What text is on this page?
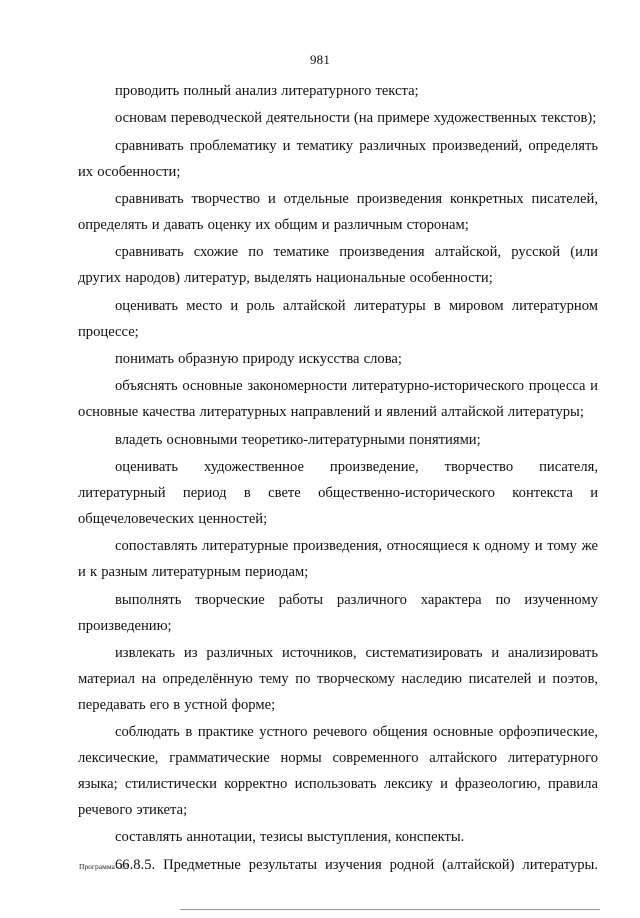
981

проводить полный анализ литературного текста;

основам переводческой деятельности (на примере художественных текстов);

сравнивать проблематику и тематику различных произведений, определять их особенности;

сравнивать творчество и отдельные произведения конкретных писателей, определять и давать оценку их общим и различным сторонам;

сравнивать схожие по тематике произведения алтайской, русской (или других народов) литератур, выделять национальные особенности;

оценивать место и роль алтайской литературы в мировом литературном процессе;

понимать образную природу искусства слова;

объяснять основные закономерности литературно-исторического процесса и основные качества литературных направлений и явлений алтайской литературы;

владеть основными теоретико-литературными понятиями;

оценивать художественное произведение, творчество писателя, литературный период в свете общественно-исторического контекста и общечеловеческих ценностей;

сопоставлять литературные произведения, относящиеся к одному и тому же и к разным литературным периодам;

выполнять творческие работы различного характера по изученному произведению;

извлекать из различных источников, систематизировать и анализировать материал на определённую тему по творческому наследию писателей и поэтов, передавать его в устной форме;

соблюдать в практике устного речевого общения основные орфоэпические, лексические, грамматические нормы современного алтайского литературного языка; стилистически корректно использовать лексику и фразеологию, правила речевого этикета;

составлять аннотации, тезисы выступления, конспекты.

66.8.5. Предметные результаты изучения родной (алтайской) литературы.

Программа - 03
